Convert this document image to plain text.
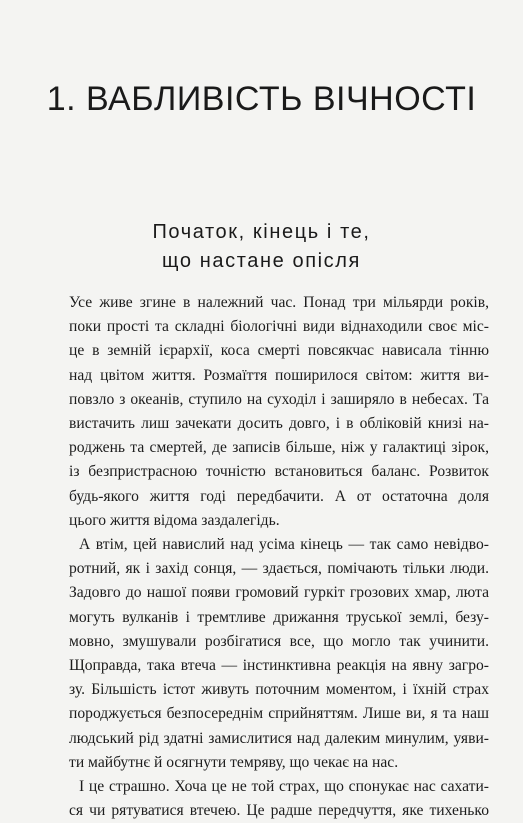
1. ВАБЛИВІСТЬ ВІЧНОСТІ
Початок, кінець і те,
що настане опісля
Усе живе згине в належний час. Понад три мільярди років,
поки прості та складні біологічні види віднаходили своє міс-
це в земній ієрархії, коса смерті повсякчас нависала тінню
над цвітом життя. Розмаїття поширилося світом: життя ви-
повзло з океанів, ступило на суходіл і заширяло в небесах. Та
вистачить лиш зачекати досить довго, і в обліковій книзі на-
роджень та смертей, де записів більше, ніж у галактиці зірок,
із безпристрасною точністю встановиться баланс. Розвиток
будь-якого життя годі передбачити. А от остаточна доля
цього життя відома заздалегідь.
А втім, цей навислий над усіма кінець — так само невідво-
ротний, як і захід сонця, — здається, помічають тільки люди.
Задовго до нашої появи громовий гуркіт грозових хмар, люта
могуть вулканів і тремтливе дрижання труської землі, безу-
мовно, змушували розбігатися все, що могло так учинити.
Щоправда, така втеча — інстинктивна реакція на явну загро-
зу. Більшість істот живуть поточним моментом, і їхній страх
породжується безпосереднім сприйняттям. Лише ви, я та наш
людський рід здатні замислитися над далеким минулим, уяви-
ти майбутнє й осягнути темряву, що чекає на нас.
І це страшно. Хоча це не той страх, що спонукає нас сахати-
ся чи рятуватися втечею. Це радше передчуття, яке тихенько
